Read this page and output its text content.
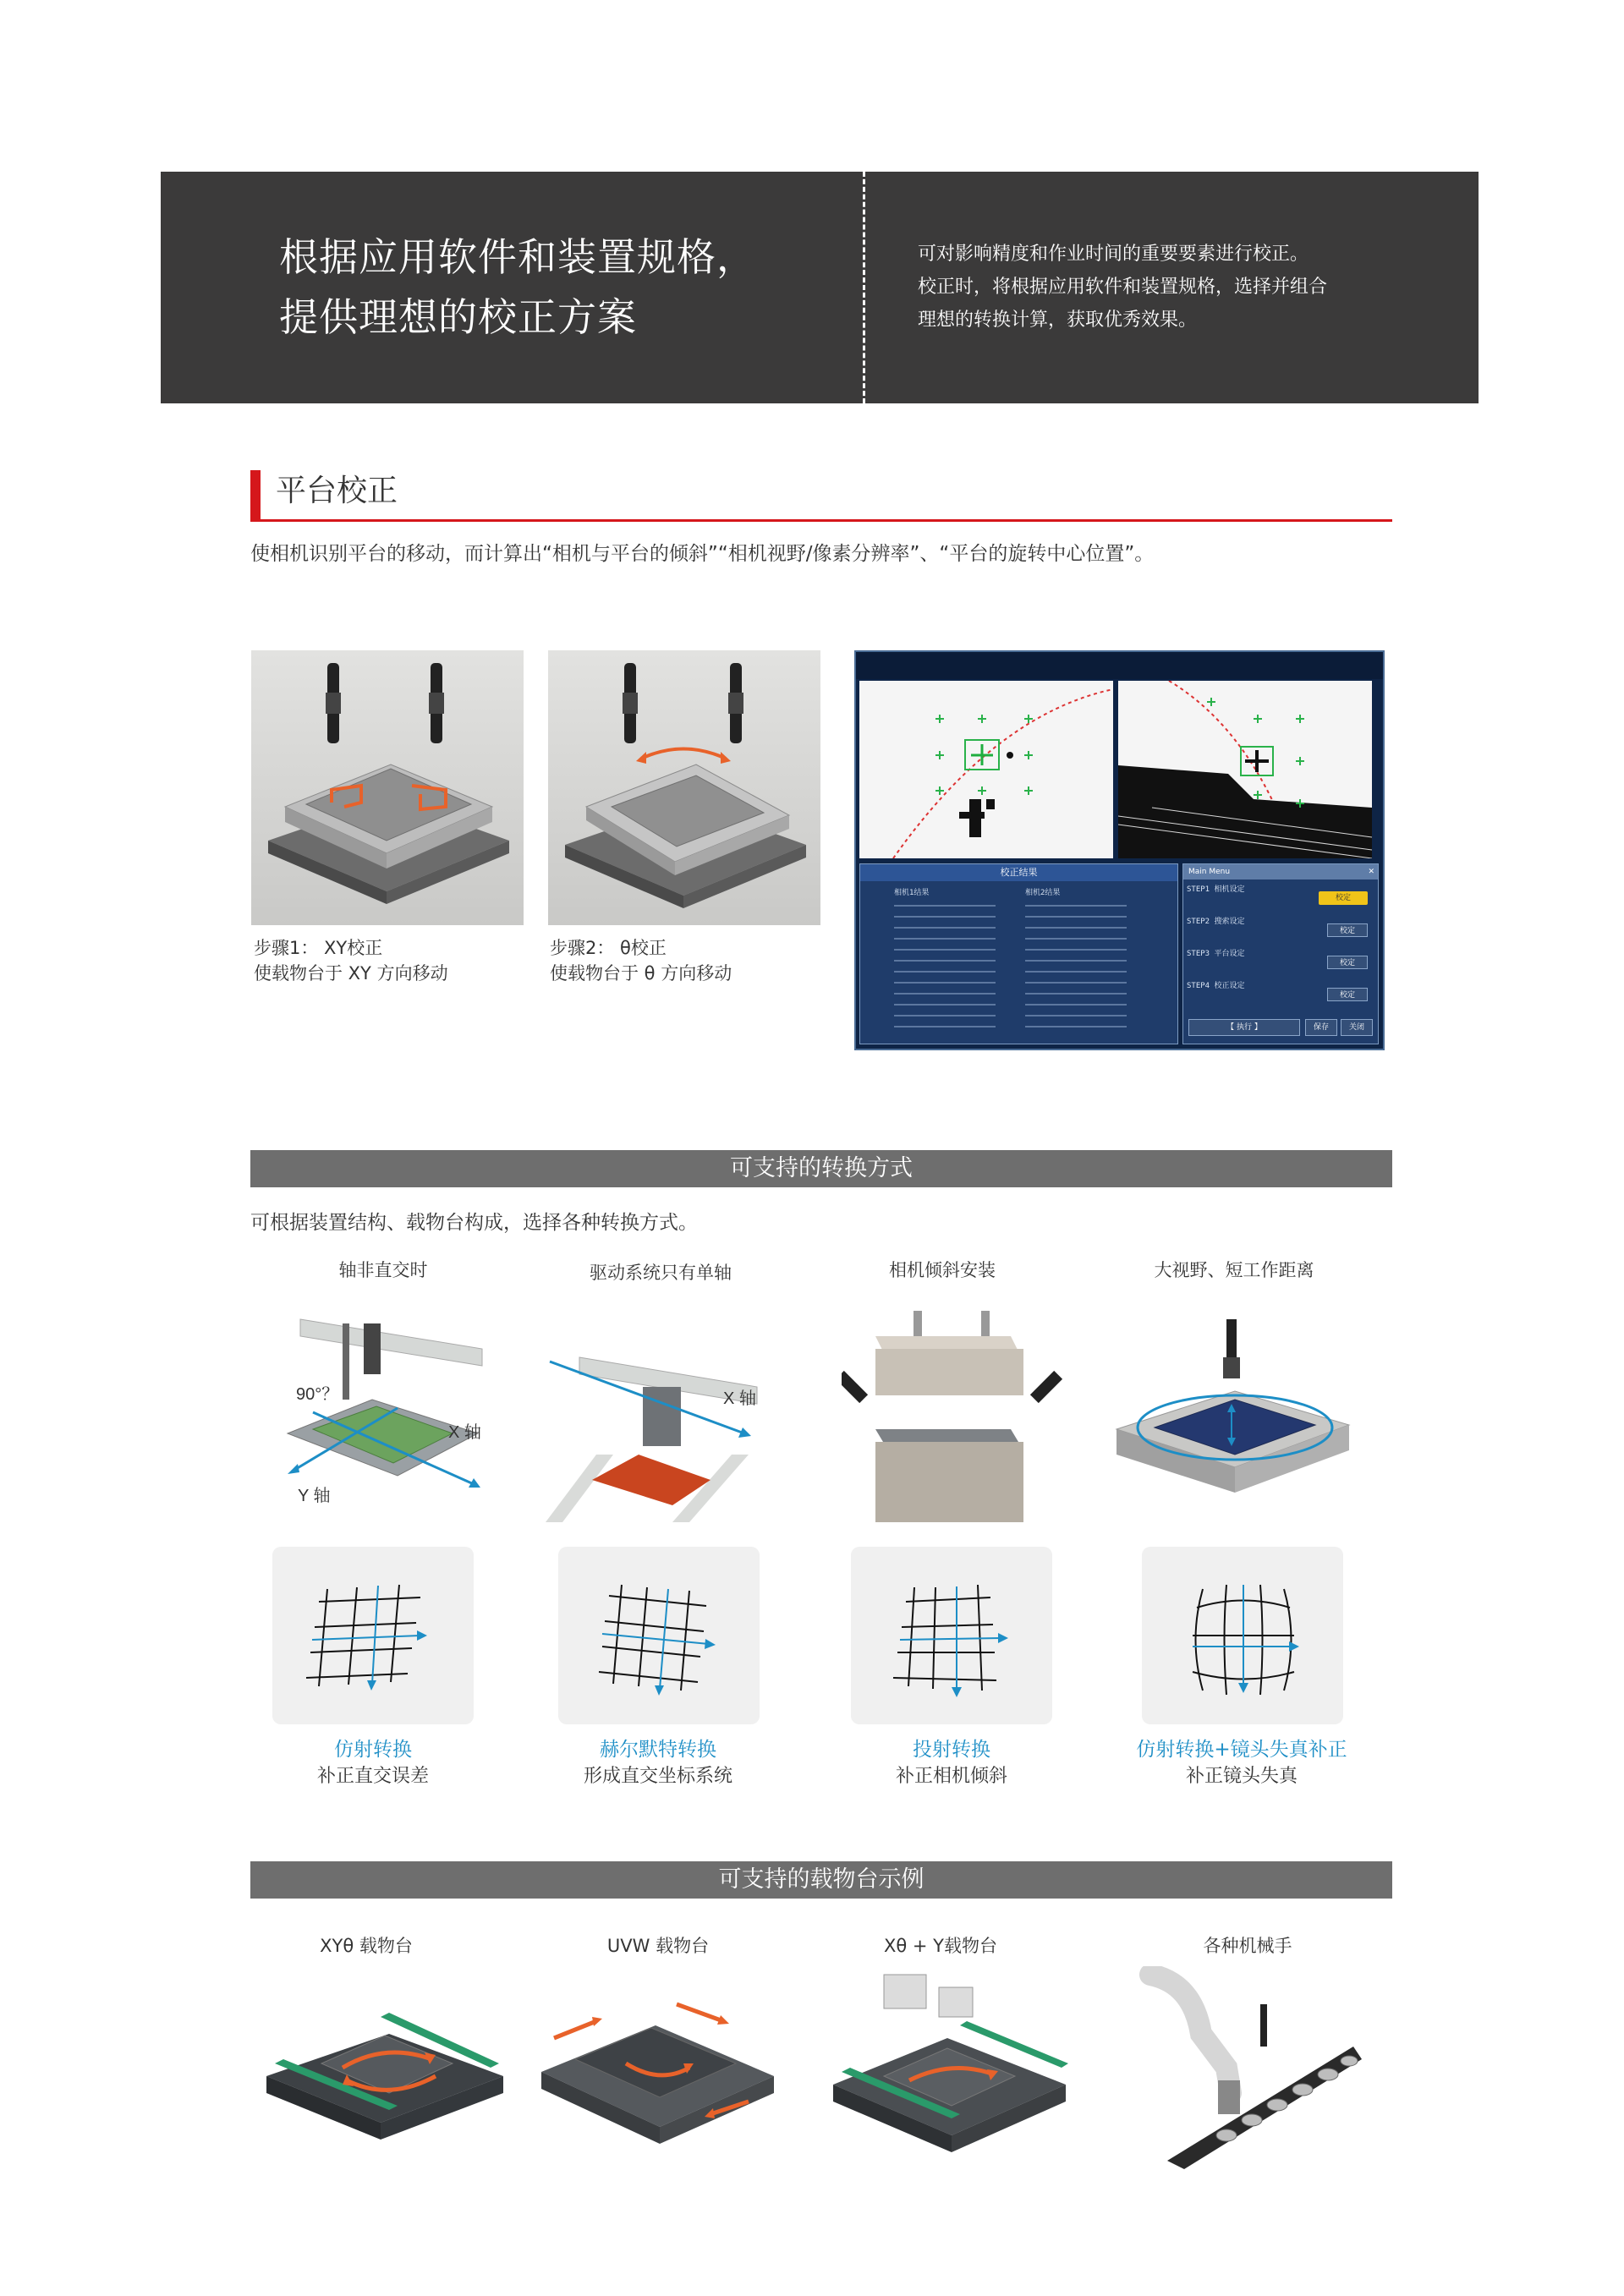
根据应用软件和装置规格，
提供理想的校正方案
可对影响精度和作业时间的重要要素进行校正。
校正时，将根据应用软件和装置规格，选择并组合
理想的转换计算，获取优秀效果。
平台校正
使相机识别平台的移动，而计算出“相机与平台的倾斜”“相机视野/像素分辨率”、“平台的旋转中心位置”。
步骤1： XY校正
使载物台于 XY 方向移动
步骤2： θ校正
使载物台于 θ 方向移动
校正结果
相机1结果	相机2结果
Main Menu	✕
STEP1 相机设定
校定
STEP2 搜索设定
校定
STEP3 平台设定
校定
STEP4 校正设定
校定
【 执行 】	保存	关闭
可支持的转换方式
可根据装置结构、载物台构成，选择各种转换方式。
轴非直交时	驱动系统只有单轴	相机倾斜安装	大视野、短工作距离
90°？
X 轴
Y 轴
X 轴
仿射转换
补正直交误差
赫尔默特转换
形成直交坐标系统
投射转换
补正相机倾斜
仿射转换+镜头失真补正
补正镜头失真
可支持的载物台示例
XYθ 载物台	UVW 载物台	Xθ + Y载物台	各种机械手
